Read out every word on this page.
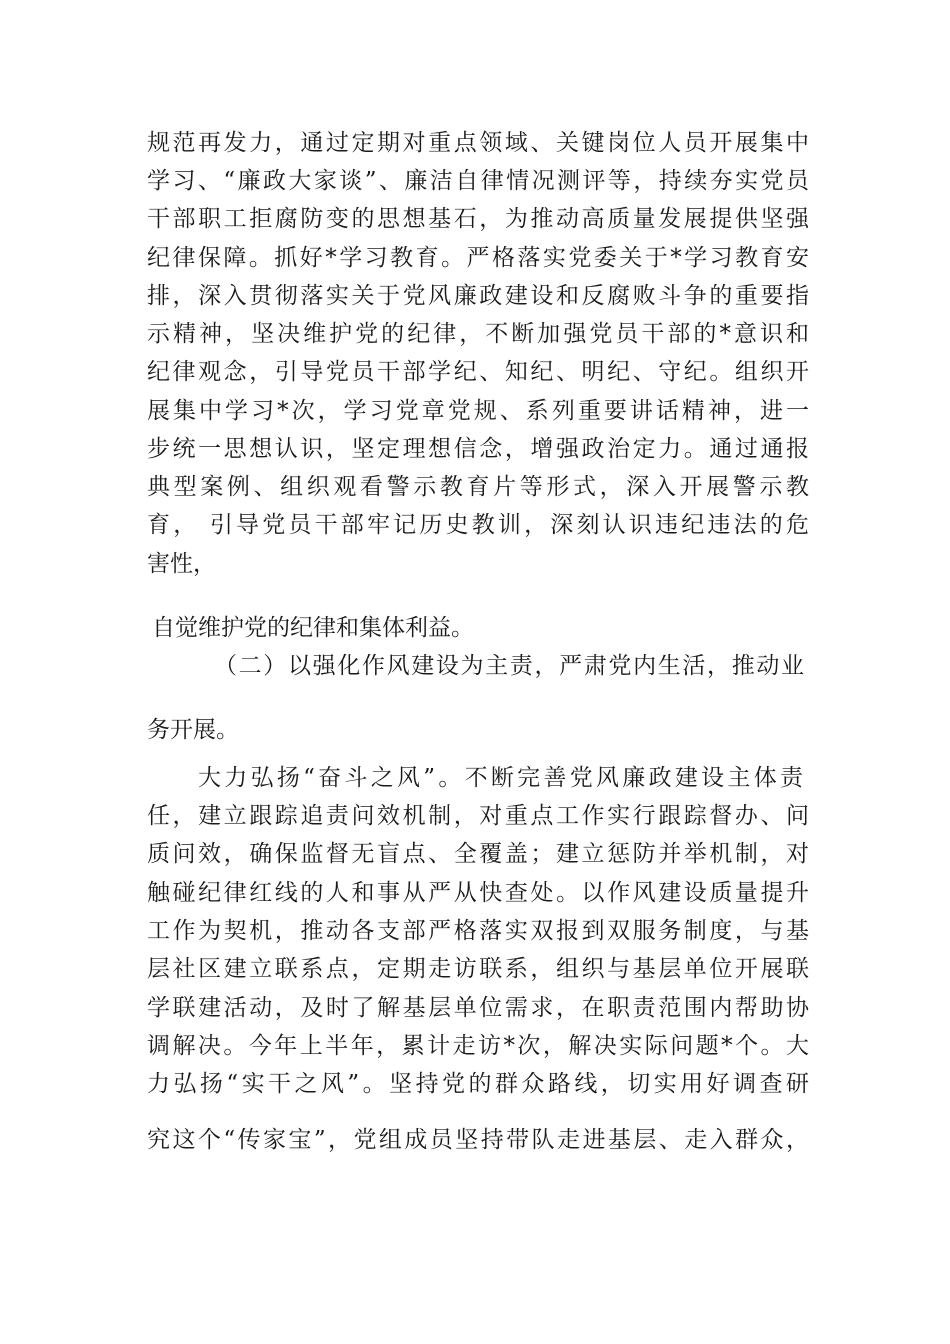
规范再发力，通过定期对重点领域、关键岗位人员开展集中
学习、“廉政大家谈”、廉洁自律情况测评等，持续夯实党员
干部职工拒腐防变的思想基石，为推动高质量发展提供坚强
纪律保障。抓好*学习教育。严格落实党委关于*学习教育安
排，深入贯彻落实关于党风廉政建设和反腐败斗争的重要指
示精神，坚决维护党的纪律，不断加强党员干部的*意识和
纪律观念，引导党员干部学纪、知纪、明纪、守纪。组织开
展集中学习*次，学习党章党规、系列重要讲话精神，进一
步统一思想认识，坚定理想信念，增强政治定力。通过通报
典型案例、组织观看警示教育片等形式，深入开展警示教
育， 引导党员干部牢记历史教训，深刻认识违纪违法的危
害性，
自觉维护党的纪律和集体利益。
（二）以强化作风建设为主责，严肃党内生活，推动业
务开展。
大力弘扬“奋斗之风”。不断完善党风廉政建设主体责
任，建立跟踪追责问效机制，对重点工作实行跟踪督办、问
质问效，确保监督无盲点、全覆盖；建立惩防并举机制，对
触碰纪律红线的人和事从严从快查处。以作风建设质量提升
工作为契机，推动各支部严格落实双报到双服务制度，与基
层社区建立联系点，定期走访联系，组织与基层单位开展联
学联建活动，及时了解基层单位需求，在职责范围内帮助协
调解决。今年上半年，累计走访*次，解决实际问题*个。大
力弘扬“实干之风”。坚持党的群众路线，切实用好调查研
究这个“传家宝”，党组成员坚持带队走进基层、走入群众，
